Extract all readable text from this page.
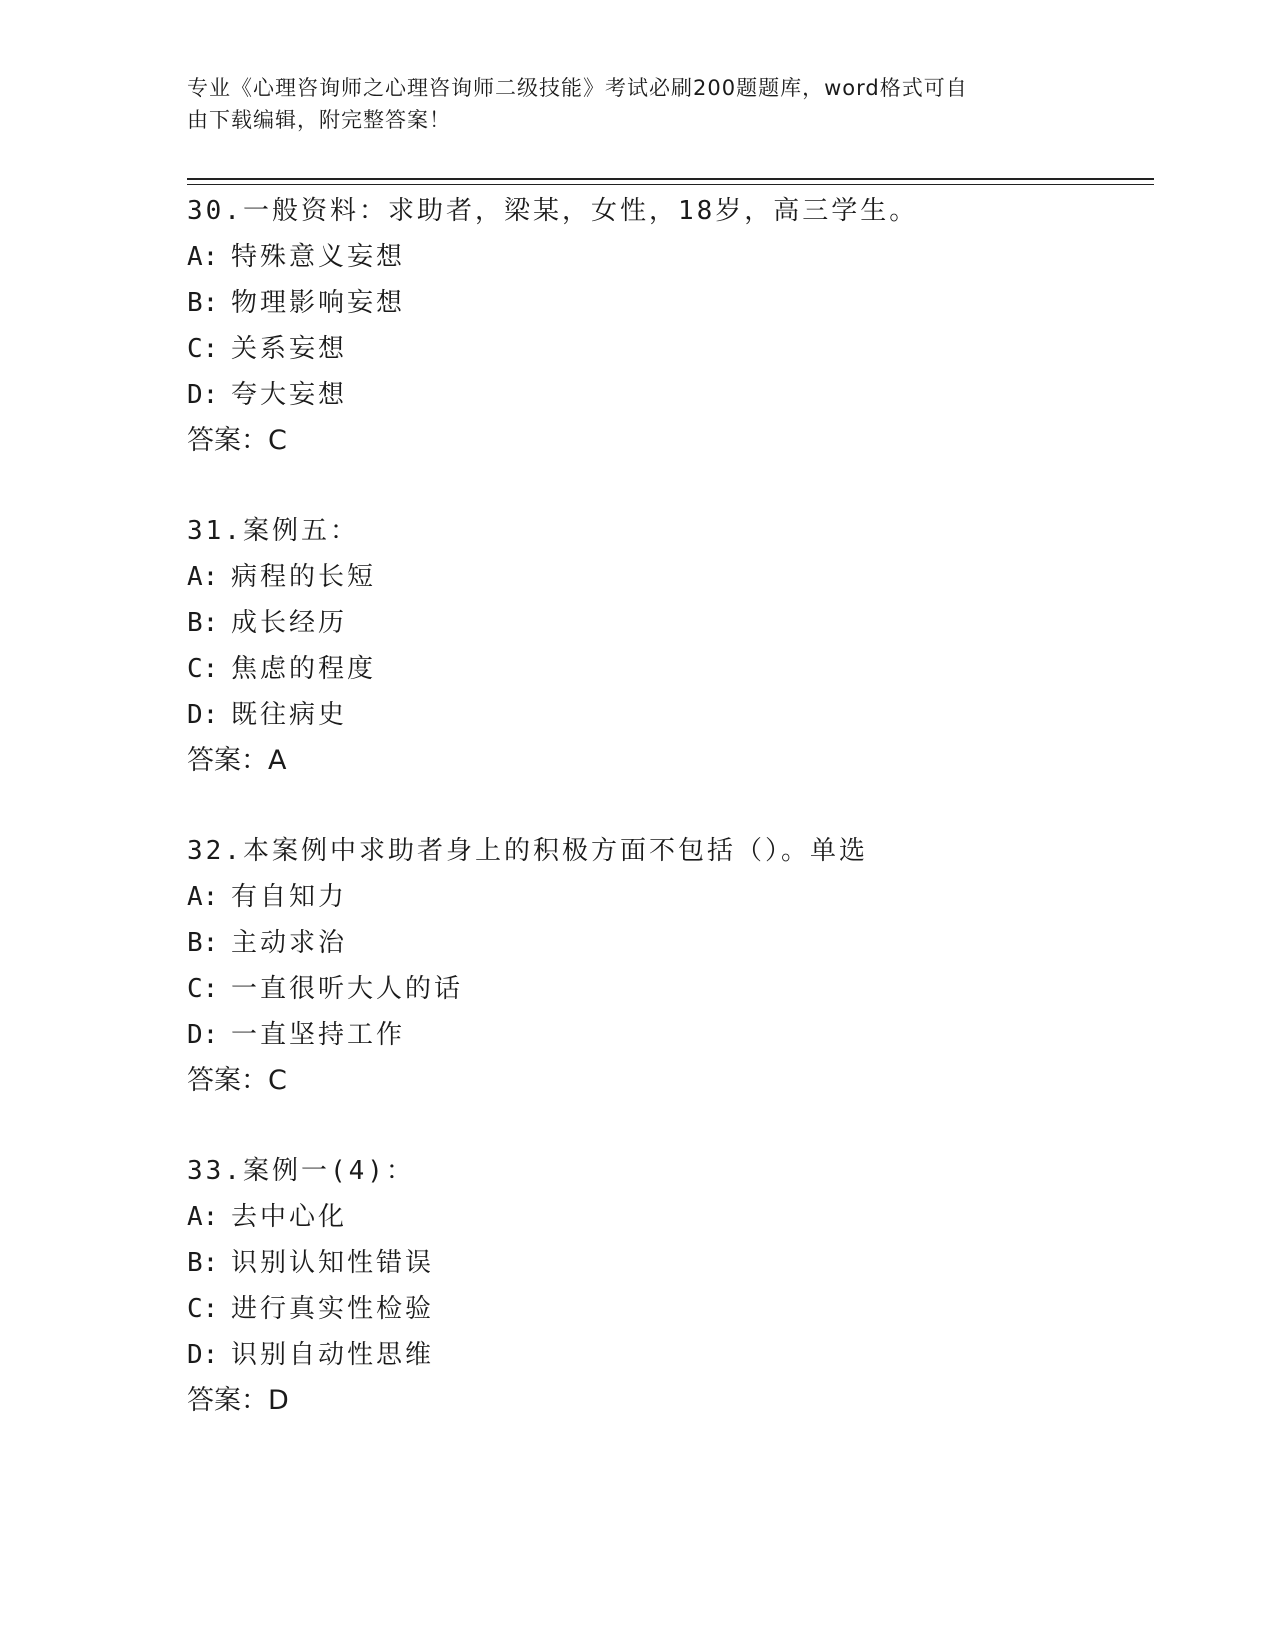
专业《心理咨询师之心理咨询师二级技能》考试必刷200题题库，word格式可自
由下载编辑，附完整答案！
30.一般资料：求助者，梁某，女性，18岁，高三学生。
A: 特殊意义妄想
B: 物理影响妄想
C: 关系妄想
D: 夸大妄想
答案：C
31.案例五：
A: 病程的长短
B: 成长经历
C: 焦虑的程度
D: 既往病史
答案：A
32.本案例中求助者身上的积极方面不包括（）。单选
A: 有自知力
B: 主动求治
C: 一直很听大人的话
D: 一直坚持工作
答案：C
33.案例一(4)：
A: 去中心化
B: 识别认知性错误
C: 进行真实性检验
D: 识别自动性思维
答案：D
